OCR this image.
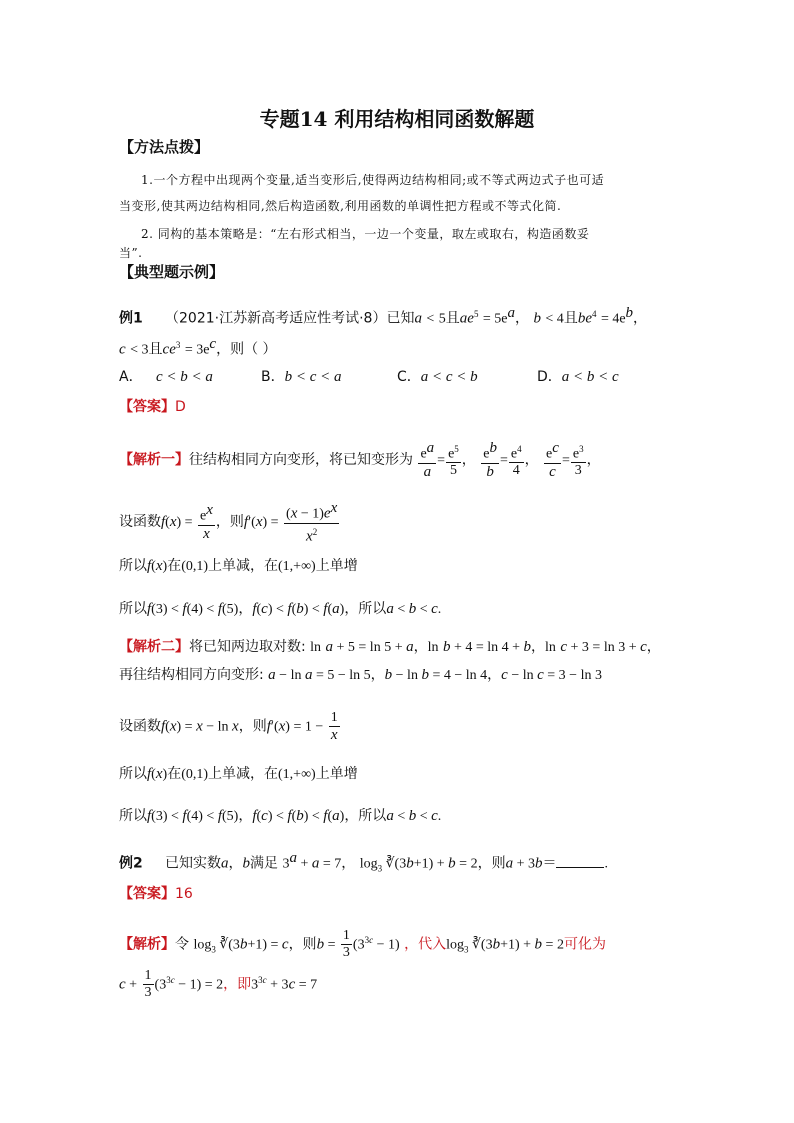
专题14 利用结构相同函数解题
【方法点拨】
1.一个方程中出现两个变量,适当变形后,使得两边结构相同;或不等式两边式子也可适
当变形,使其两边结构相同,然后构造函数,利用函数的单调性把方程或不等式化简.
2. 同构的基本策略是：“左右形式相当，一边一个变量，取左或取右，构造函数妥
当”.
【典型题示例】
例1 （2021·江苏新高考适应性考试·8）已知a < 5且$ae^5 = 5e^a$， b < 4且$be^4 = 4e^b$，
c < 3且$ce^3 = 3e^c$，则（ ）
A． c < b < a	B．b < c < a	C．a < c < b	D．a < b < c
【答案】D
【解析一】往结构相同方向变形，将已知变形为 $\frac{e^a}{a} = \frac{e^5}{5}$ ， $\frac{e^b}{b} = \frac{e^4}{4}$ ， $\frac{e^c}{c} = \frac{e^3}{3}$ ，
设函数$f(x) = \frac{e^x}{x}$ ，则$f'(x) = \frac{(x - 1)e^x}{x^2}$
所以f(x)在(0,1)上单减，在(1,+∞)上单增
所以f(3) < f(4) < f(5)，f(c) < f(b) < f(a)，所以a < b < c.
【解析二】将已知两边取对数: ln a + 5 = ln 5 + a，ln b + 4 = ln 4 + b，ln c + 3 = ln 3 + c，
再往结构相同方向变形: a − ln a = 5 − ln 5，b − ln b = 4 − ln 4，c − ln c = 3 − ln 3
设函数f(x) = x − ln x，则$f'(x) = 1 - \frac{1}{x}$
所以f(x)在(0,1)上单减，在(1,+∞)上单增
所以f(3) < f(4) < f(5)，f(c) < f(b) < f(a)，所以a < b < c.
例2 已知实数a，b满足 $3^a + a = 7$， $\log_3$ ∛(3b+1) + b = 2，则a + 3b＝	.
【答案】16
【解析】令 $\log_3$ ∛(3b+1) = c，则$b = \frac{1}{3} (3^{3c} - 1)$ ，代入$\log_3$ ∛(3b+1) + b = 2可化为
$c + \frac{1}{3} (3^{3c} - 1) = 2$，即$3^{3c} + 3c = 7$
